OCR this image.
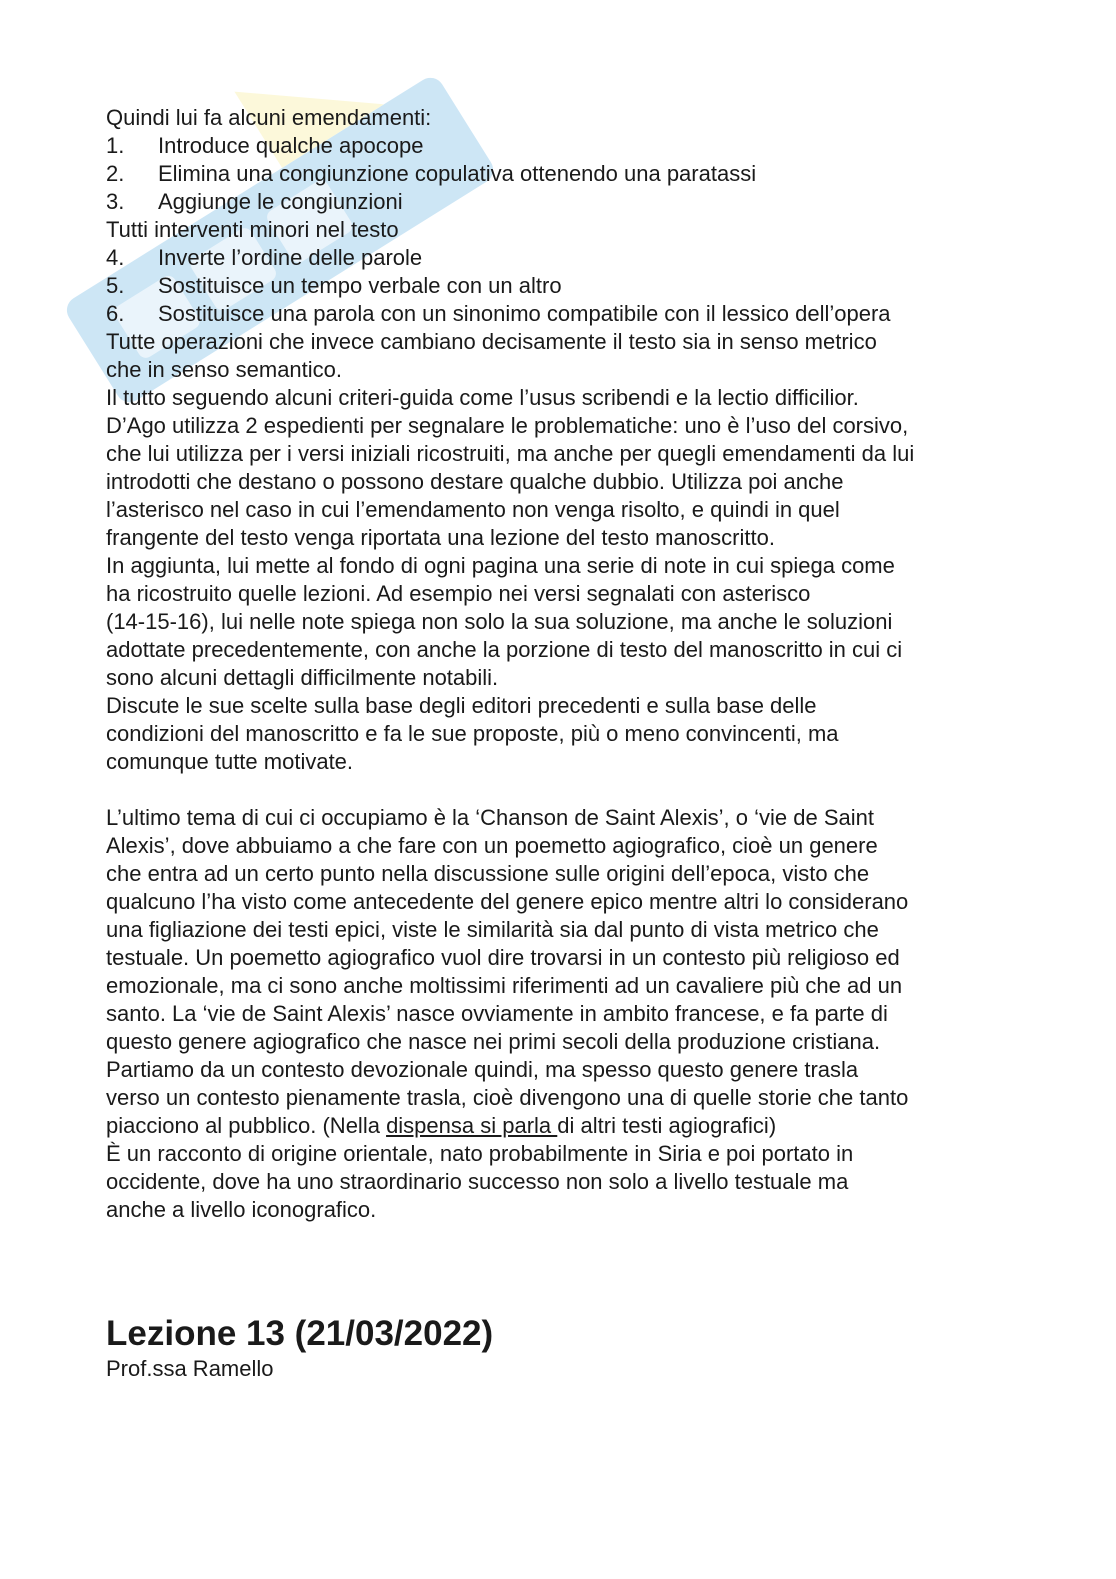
Quindi lui fa alcuni emendamenti:
1.	Introduce qualche apocope
2.	Elimina una congiunzione copulativa ottenendo una paratassi
3.	Aggiunge le congiunzioni
Tutti interventi minori nel testo
4.	Inverte l’ordine delle parole
5.	Sostituisce un tempo verbale con un altro
6.	Sostituisce una parola con un sinonimo compatibile con il lessico dell’opera
Tutte operazioni che invece cambiano decisamente il testo sia in senso metrico
che in senso semantico.
Il tutto seguendo alcuni criteri-guida come l’usus scribendi e la lectio difficilior.
D’Ago utilizza 2 espedienti per segnalare le problematiche: uno è l’uso del corsivo,
che lui utilizza per i versi iniziali ricostruiti, ma anche per quegli emendamenti da lui
introdotti che destano o possono destare qualche dubbio. Utilizza poi anche
l’asterisco nel caso in cui l’emendamento non venga risolto, e quindi in quel
frangente del testo venga riportata una lezione del testo manoscritto.
In aggiunta, lui mette al fondo di ogni pagina una serie di note in cui spiega come
ha ricostruito quelle lezioni. Ad esempio nei versi segnalati con asterisco
(14-15-16), lui nelle note spiega non solo la sua soluzione, ma anche le soluzioni
adottate precedentemente, con anche la porzione di testo del manoscritto in cui ci
sono alcuni dettagli difficilmente notabili.
Discute le sue scelte sulla base degli editori precedenti e sulla base delle
condizioni del manoscritto e fa le sue proposte, più o meno convincenti, ma
comunque tutte motivate.
L’ultimo tema di cui ci occupiamo è la ‘Chanson de Saint Alexis’, o ‘vie de Saint
Alexis’, dove abbuiamo a che fare con un poemetto agiografico, cioè un genere
che entra ad un certo punto nella discussione sulle origini dell’epoca, visto che
qualcuno l’ha visto come antecedente del genere epico mentre altri lo considerano
una figliazione dei testi epici, viste le similarità sia dal punto di vista metrico che
testuale. Un poemetto agiografico vuol dire trovarsi in un contesto più religioso ed
emozionale, ma ci sono anche moltissimi riferimenti ad un cavaliere più che ad un
santo. La ‘vie de Saint Alexis’ nasce ovviamente in ambito francese, e fa parte di
questo genere agiografico che nasce nei primi secoli della produzione cristiana.
Partiamo da un contesto devozionale quindi, ma spesso questo genere trasla
verso un contesto pienamente trasla, cioè divengono una di quelle storie che tanto
piacciono al pubblico. (Nella dispensa si parla di altri testi agiografici)
È un racconto di origine orientale, nato probabilmente in Siria e poi portato in
occidente, dove ha uno straordinario successo non solo a livello testuale ma
anche a livello iconografico.
Lezione 13 (21/03/2022)
Prof.ssa Ramello
